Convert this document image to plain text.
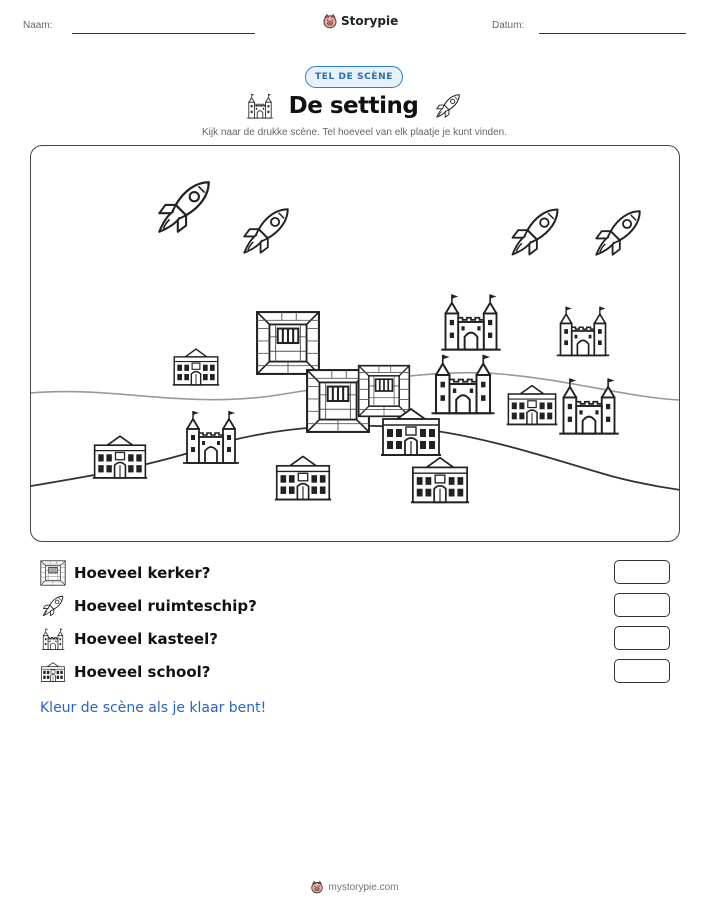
Naam:	Storypie	Datum:
TEL DE SCÈNE
De setting
Kijk naar de drukke scène. Tel hoeveel van elk plaatje je kunt vinden.
Hoeveel kerker?
Hoeveel ruimteschip?
Hoeveel kasteel?
Hoeveel school?
Kleur de scène als je klaar bent!
mystorypie.com
